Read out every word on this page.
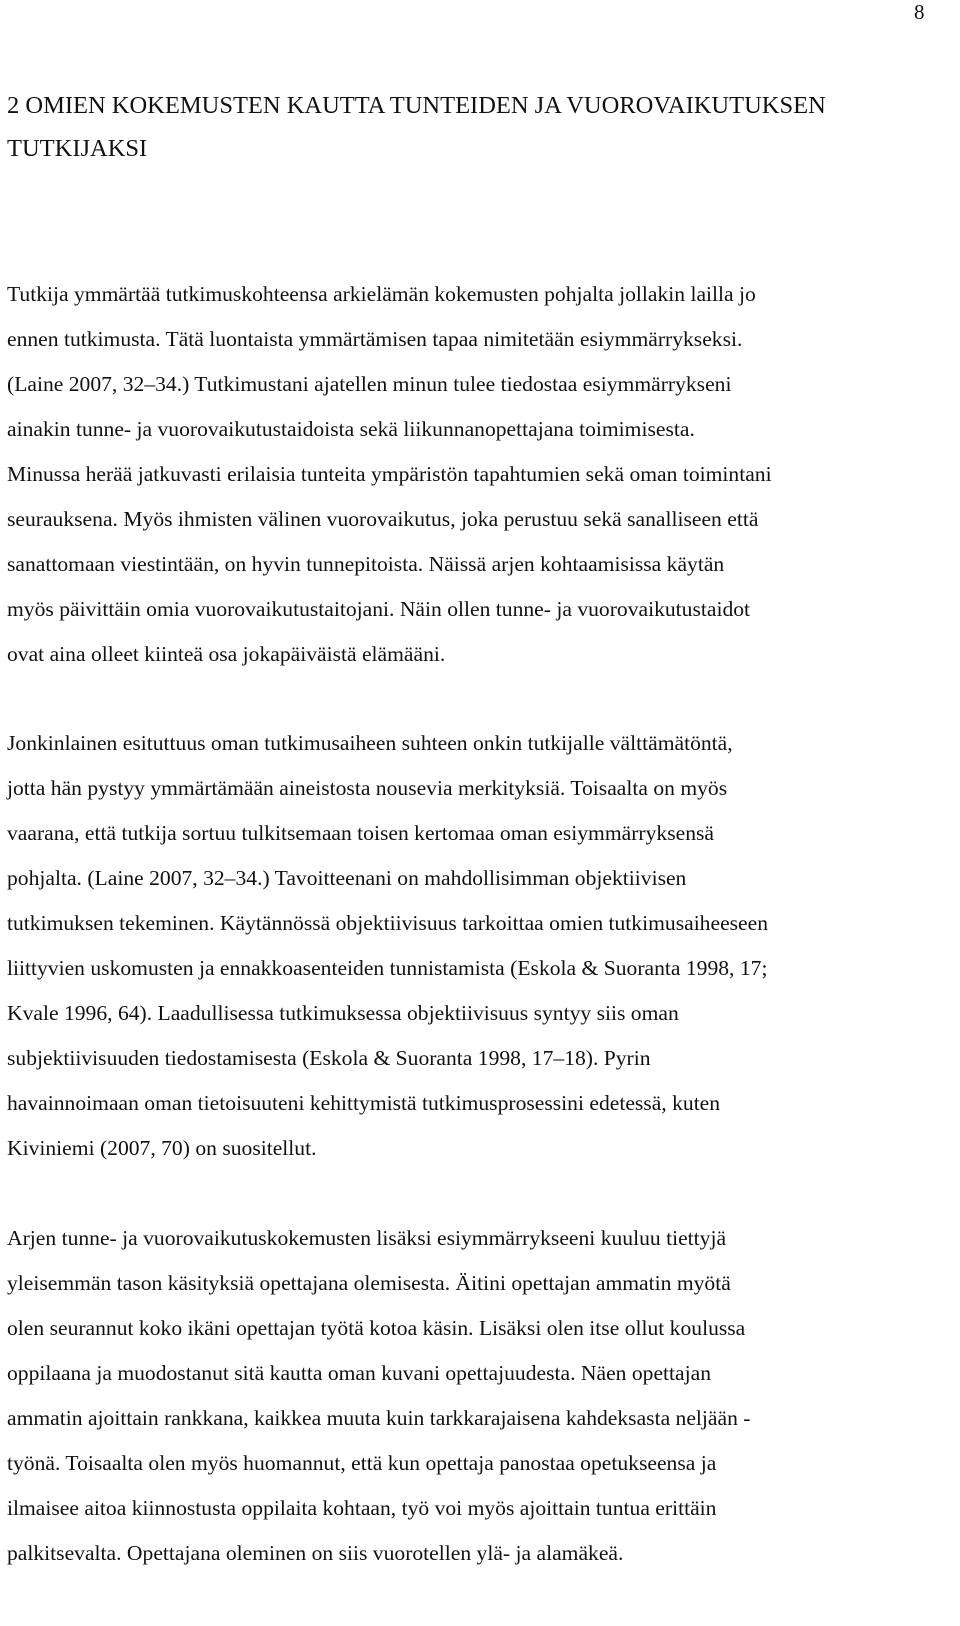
8
2 OMIEN KOKEMUSTEN KAUTTA TUNTEIDEN JA VUOROVAIKUTUKSEN
TUTKIJAKSI

Tutkija ymmärtää tutkimuskohteensa arkielämän kokemusten pohjalta jollakin lailla jo
ennen tutkimusta. Tätä luontaista ymmärtämisen tapaa nimitetään esiymmärrykseksi.
(Laine 2007, 32–34.) Tutkimustani ajatellen minun tulee tiedostaa esiymmärrykseni
ainakin tunne- ja vuorovaikutustaidoista sekä liikunnanopettajana toimimisesta.
Minussa herää jatkuvasti erilaisia tunteita ympäristön tapahtumien sekä oman toimintani
seurauksena. Myös ihmisten välinen vuorovaikutus, joka perustuu sekä sanalliseen että
sanattomaan viestintään, on hyvin tunnepitoista. Näissä arjen kohtaamisissa käytän
myös päivittäin omia vuorovaikutustaitojani. Näin ollen tunne- ja vuorovaikutustaidot
ovat aina olleet kiinteä osa jokapäiväistä elämääni.

Jonkinlainen esituttuus oman tutkimusaiheen suhteen onkin tutkijalle välttämätöntä,
jotta hän pystyy ymmärtämään aineistosta nousevia merkityksiä. Toisaalta on myös
vaarana, että tutkija sortuu tulkitsemaan toisen kertomaa oman esiymmärryksensä
pohjalta. (Laine 2007, 32–34.) Tavoitteenani on mahdollisimman objektiivisen
tutkimuksen tekeminen. Käytännössä objektiivisuus tarkoittaa omien tutkimusaiheeseen
liittyvien uskomusten ja ennakkoasenteiden tunnistamista (Eskola & Suoranta 1998, 17;
Kvale 1996, 64). Laadullisessa tutkimuksessa objektiivisuus syntyy siis oman
subjektiivisuuden tiedostamisesta (Eskola & Suoranta 1998, 17–18). Pyrin
havainnoimaan oman tietoisuuteni kehittymistä tutkimusprosessini edetessä, kuten
Kiviniemi (2007, 70) on suositellut.

Arjen tunne- ja vuorovaikutuskokemusten lisäksi esiymmärrykseeni kuuluu tiettyjä
yleisemmän tason käsityksiä opettajana olemisesta. Äitini opettajan ammatin myötä
olen seurannut koko ikäni opettajan työtä kotoa käsin. Lisäksi olen itse ollut koulussa
oppilaana ja muodostanut sitä kautta oman kuvani opettajuudesta. Näen opettajan
ammatin ajoittain rankkana, kaikkea muuta kuin tarkkarajaisena kahdeksasta neljään -
työnä. Toisaalta olen myös huomannut, että kun opettaja panostaa opetukseensa ja
ilmaisee aitoa kiinnostusta oppilaita kohtaan, työ voi myös ajoittain tuntua erittäin
palkitsevalta. Opettajana oleminen on siis vuorotellen ylä- ja alamäkeä.
